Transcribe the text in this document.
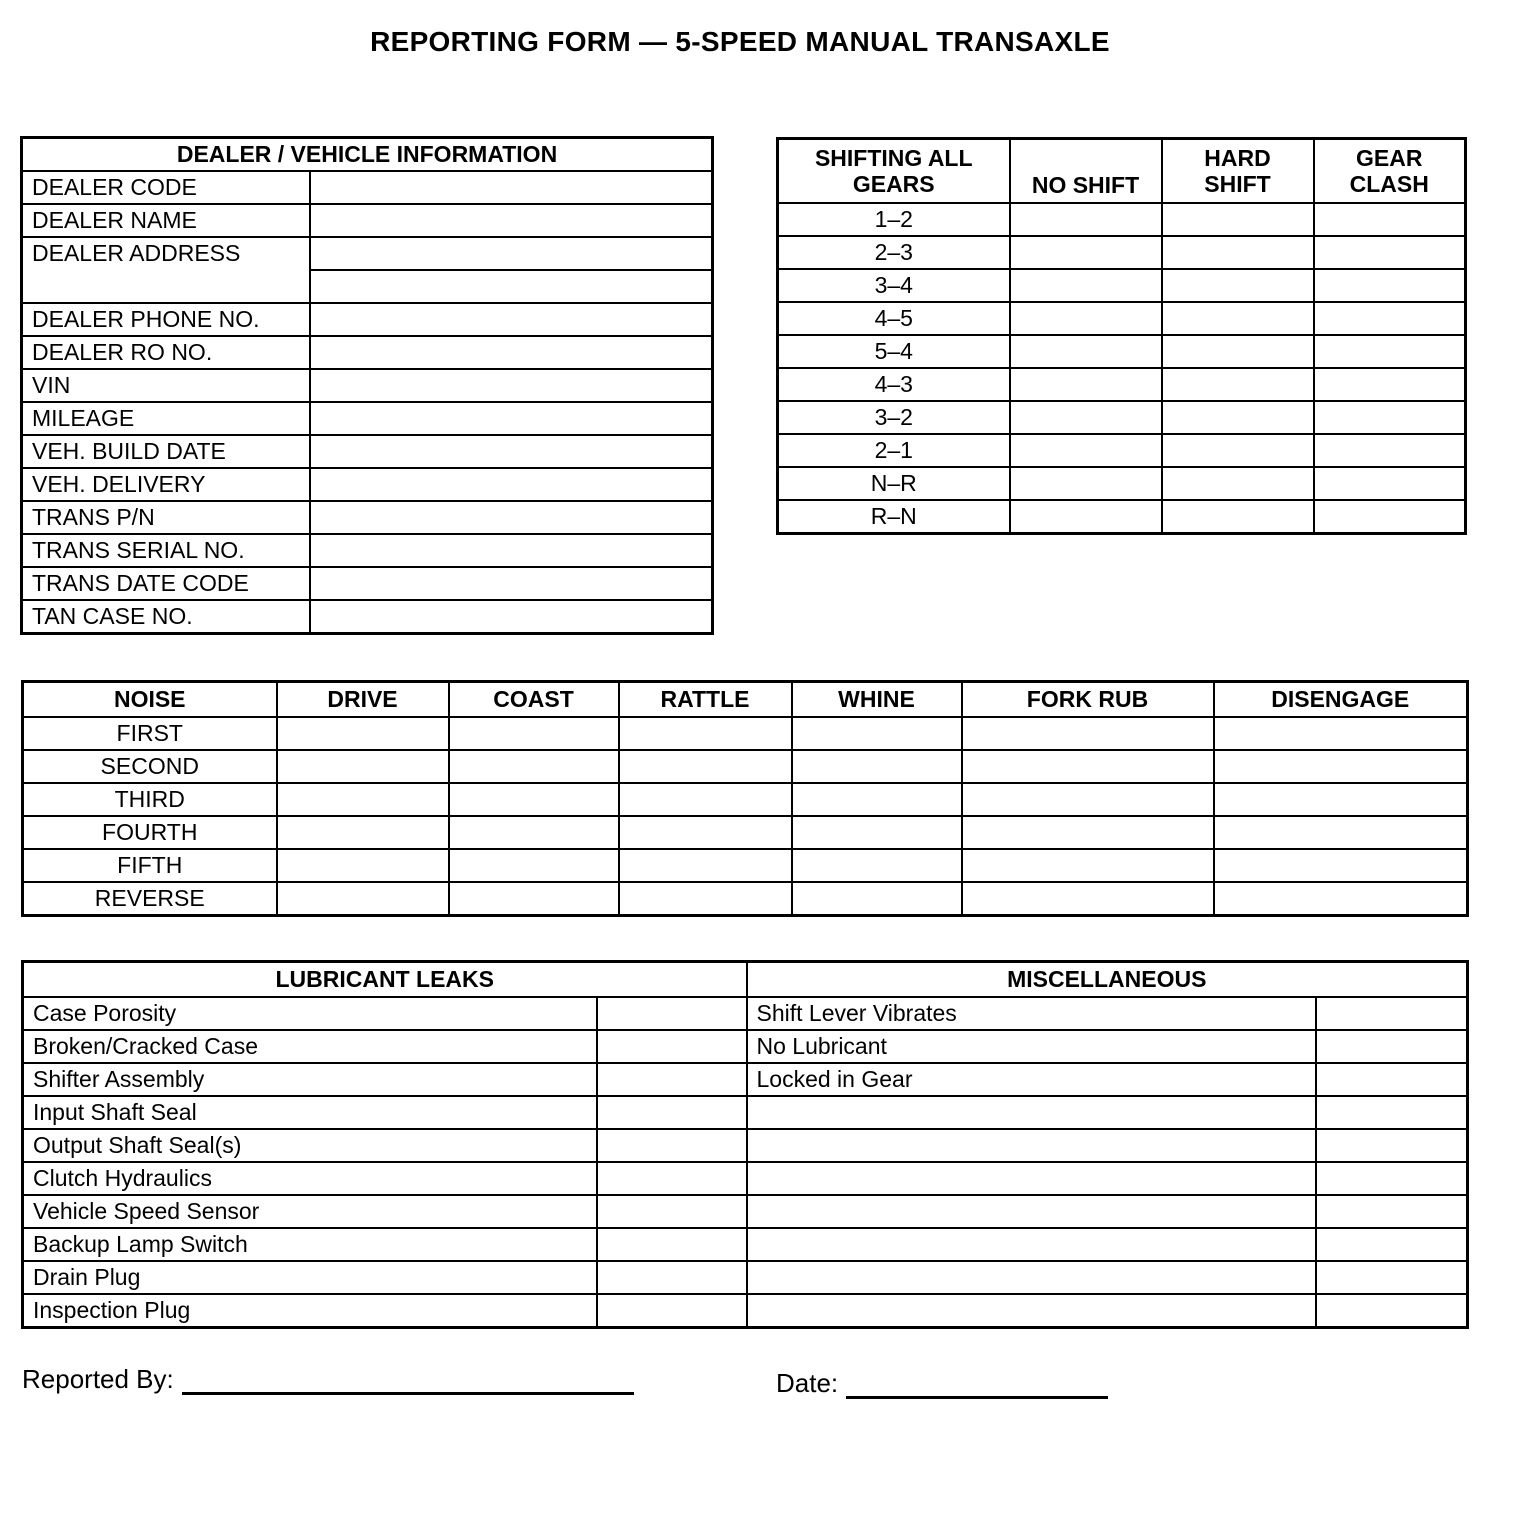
REPORTING FORM — 5-SPEED MANUAL TRANSAXLE
DEALER / VEHICLE INFORMATION	
DEALER CODE	
DEALER NAME	
DEALER ADDRESS	

DEALER PHONE NO.	
DEALER RO NO.	
VIN	
MILEAGE	
VEH. BUILD DATE	
VEH. DELIVERY	
TRANS P/N	
TRANS SERIAL NO.	
TRANS DATE CODE	
TAN CASE NO.	
SHIFTING ALL GEARS	NO SHIFT	HARD SHIFT	GEAR CLASH
1–2			
2–3			
3–4			
4–5			
5–4			
4–3			
3–2			
2–1			
N–R			
R–N			
NOISE	DRIVE	COAST	RATTLE	WHINE	FORK RUB	DISENGAGE
FIRST						
SECOND						
THIRD						
FOURTH						
FIFTH						
REVERSE						
LUBRICANT LEAKS		MISCELLANEOUS	
Case Porosity		Shift Lever Vibrates	
Broken/Cracked Case		No Lubricant	
Shifter Assembly		Locked in Gear	
Input Shaft Seal			
Output Shaft Seal(s)			
Clutch Hydraulics			
Vehicle Speed Sensor			
Backup Lamp Switch			
Drain Plug			
Inspection Plug			
Reported By:	Date:
